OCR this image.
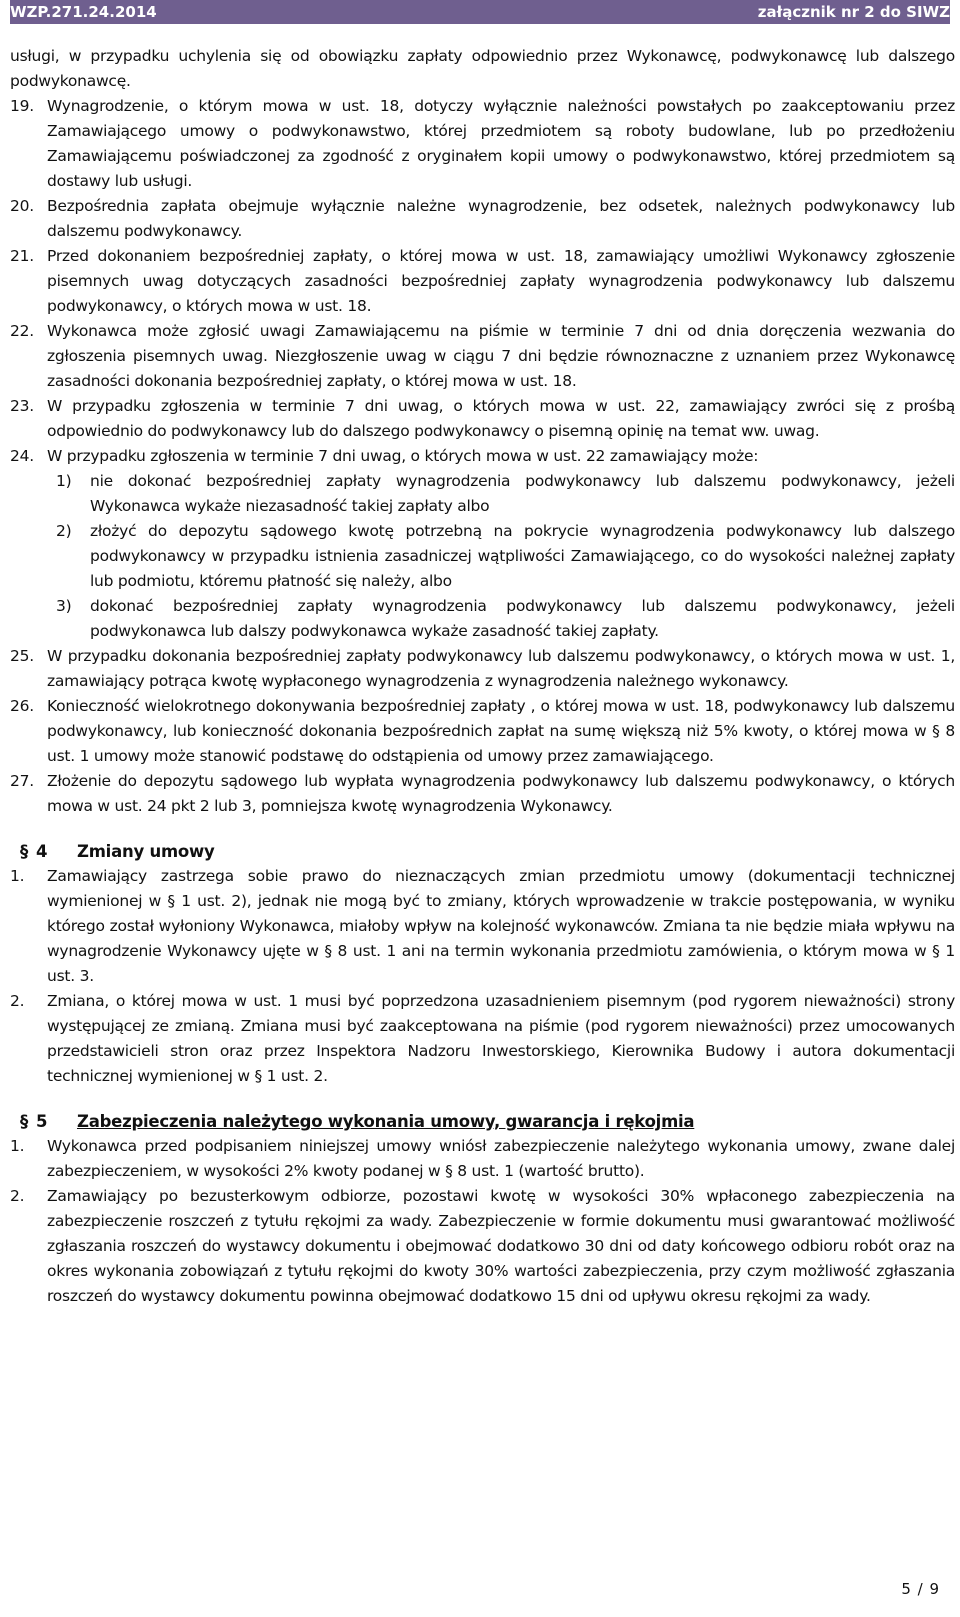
WZP.271.24.2014	załącznik nr 2 do SIWZ

usługi, w przypadku uchylenia się od obowiązku zapłaty odpowiednio przez Wykonawcę, podwykonawcę lub dalszego podwykonawcę.

19. Wynagrodzenie, o którym mowa w ust. 18, dotyczy wyłącznie należności powstałych po zaakceptowaniu przez Zamawiającego umowy o podwykonawstwo, której przedmiotem są roboty budowlane, lub po przedłożeniu Zamawiającemu poświadczonej za zgodność z oryginałem kopii umowy o podwykonawstwo, której przedmiotem są dostawy lub usługi.
20. Bezpośrednia zapłata obejmuje wyłącznie należne wynagrodzenie, bez odsetek, należnych podwykonawcy lub dalszemu podwykonawcy.
21. Przed dokonaniem bezpośredniej zapłaty, o której mowa w ust. 18, zamawiający umożliwi Wykonawcy zgłoszenie pisemnych uwag dotyczących zasadności bezpośredniej zapłaty wynagrodzenia podwykonawcy lub dalszemu podwykonawcy, o których mowa w ust. 18.
22. Wykonawca może zgłosić uwagi Zamawiającemu na piśmie w terminie 7 dni od dnia doręczenia wezwania do zgłoszenia pisemnych uwag. Niezgłoszenie uwag w ciągu 7 dni będzie równoznaczne z uznaniem przez Wykonawcę zasadności dokonania bezpośredniej zapłaty, o której mowa w ust. 18.
23. W przypadku zgłoszenia w terminie 7 dni uwag, o których mowa w ust. 22, zamawiający zwróci się z prośbą odpowiednio do podwykonawcy lub do dalszego podwykonawcy o pisemną opinię na temat ww. uwag.
24. W przypadku zgłoszenia w terminie 7 dni uwag, o których mowa w ust. 22 zamawiający może:
1) nie dokonać bezpośredniej zapłaty wynagrodzenia podwykonawcy lub dalszemu podwykonawcy, jeżeli Wykonawca wykaże niezasadność takiej zapłaty albo
2) złożyć do depozytu sądowego kwotę potrzebną na pokrycie wynagrodzenia podwykonawcy lub dalszego podwykonawcy w przypadku istnienia zasadniczej wątpliwości Zamawiającego, co do wysokości należnej zapłaty lub podmiotu, któremu płatność się należy, albo
3) dokonać bezpośredniej zapłaty wynagrodzenia podwykonawcy lub dalszemu podwykonawcy, jeżeli podwykonawca lub dalszy podwykonawca wykaże zasadność takiej zapłaty.
25. W przypadku dokonania bezpośredniej zapłaty podwykonawcy lub dalszemu podwykonawcy, o których mowa w ust. 1, zamawiający potrąca kwotę wypłaconego wynagrodzenia z wynagrodzenia należnego wykonawcy.
26. Konieczność wielokrotnego dokonywania bezpośredniej zapłaty , o której mowa w ust. 18, podwykonawcy lub dalszemu podwykonawcy, lub konieczność dokonania bezpośrednich zapłat na sumę większą niż 5% kwoty, o której mowa w § 8 ust. 1 umowy może stanowić podstawę do odstąpienia od umowy przez zamawiającego.
27. Złożenie do depozytu sądowego lub wypłata wynagrodzenia podwykonawcy lub dalszemu podwykonawcy, o których mowa w ust. 24 pkt 2 lub 3, pomniejsza kwotę wynagrodzenia Wykonawcy.
§ 4 Zmiany umowy
1. Zamawiający zastrzega sobie prawo do nieznaczących zmian przedmiotu umowy (dokumentacji technicznej wymienionej w § 1 ust. 2), jednak nie mogą być to zmiany, których wprowadzenie w trakcie postępowania, w wyniku którego został wyłoniony Wykonawca, miałoby wpływ na kolejność wykonawców. Zmiana ta nie będzie miała wpływu na wynagrodzenie Wykonawcy ujęte w § 8 ust. 1 ani na termin wykonania przedmiotu zamówienia, o którym mowa w § 1 ust. 3.
2. Zmiana, o której mowa w ust. 1 musi być poprzedzona uzasadnieniem pisemnym (pod rygorem nieważności) strony występującej ze zmianą. Zmiana musi być zaakceptowana na piśmie (pod rygorem nieważności) przez umocowanych przedstawicieli stron oraz przez Inspektora Nadzoru Inwestorskiego, Kierownika Budowy i autora dokumentacji technicznej wymienionej w § 1 ust. 2.
§ 5 Zabezpieczenia należytego wykonania umowy, gwarancja i rękojmia
1. Wykonawca przed podpisaniem niniejszej umowy wniósł zabezpieczenie należytego wykonania umowy, zwane dalej zabezpieczeniem, w wysokości 2% kwoty podanej w § 8 ust. 1 (wartość brutto).
2. Zamawiający po bezusterkowym odbiorze, pozostawi kwotę w wysokości 30% wpłaconego zabezpieczenia na zabezpieczenie roszczeń z tytułu rękojmi za wady. Zabezpieczenie w formie dokumentu musi gwarantować możliwość zgłaszania roszczeń do wystawcy dokumentu i obejmować dodatkowo 30 dni od daty końcowego odbioru robót oraz na okres wykonania zobowiązań z tytułu rękojmi do kwoty 30% wartości zabezpieczenia, przy czym możliwość zgłaszania roszczeń do wystawcy dokumentu powinna obejmować dodatkowo 15 dni od upływu okresu rękojmi za wady.
5 / 9
